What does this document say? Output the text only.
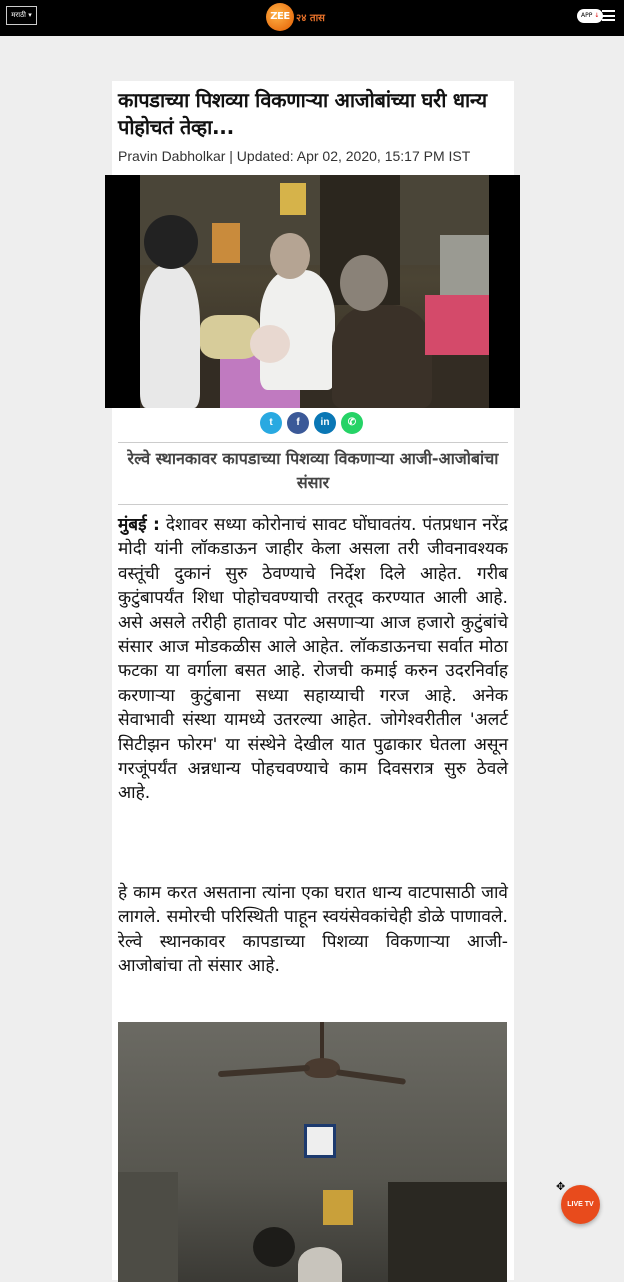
मराठी ▾	ZEE २४ तास	APP ↓
कापडाच्या पिशव्या विकणाऱ्या आजोबांच्या घरी धान्य पोहोचतं तेव्हा...
Pravin Dabholkar | Updated: Apr 02, 2020, 15:17 PM IST
t	f	in	✆
रेल्वे स्थानकावर कापडाच्या पिशव्या विकणाऱ्या आजी-आजोबांचा संसार

मुंबई : देशावर सध्या कोरोनाचं सावट घोंघावतंय. पंतप्रधान नरेंद्र मोदी यांनी लॉकडाऊन जाहीर केला असला तरी जीवनावश्यक वस्तूंची दुकानं सुरु ठेवण्याचे निर्देश दिले आहेत. गरीब कुटुंबापर्यंत शिधा पोहोचवण्याची तरतूद करण्यात आली आहे. असे असले तरीही हातावर पोट असणाऱ्या आज हजारो कुटुंबांचे संसार आज मोडकळीस आले आहेत. लॉकडाऊनचा सर्वात मोठा फटका या वर्गाला बसत आहे. रोजची कमाई करुन उदरनिर्वाह करणाऱ्या कुटुंबाना सध्या सहाय्याची गरज आहे. अनेक सेवाभावी संस्था यामध्ये उतरल्या आहेत. जोगेश्वरीतील 'अलर्ट सिटीझन फोरम' या संस्थेने देखील यात पुढाकार घेतला असून गरजूंपर्यंत अन्नधान्य पोहचवण्याचे काम दिवसरात्र सुरु ठेवले आहे.

हे काम करत असताना त्यांना एका घरात धान्य वाटपासाठी जावे लागले. समोरची परिस्थिती पाहून स्वयंसेवकांचेही डोळे पाणावले. रेल्वे स्थानकावर कापडाच्या पिशव्या विकणाऱ्या आजी-आजोबांचा तो संसार आहे.

✥
LIVE TV
